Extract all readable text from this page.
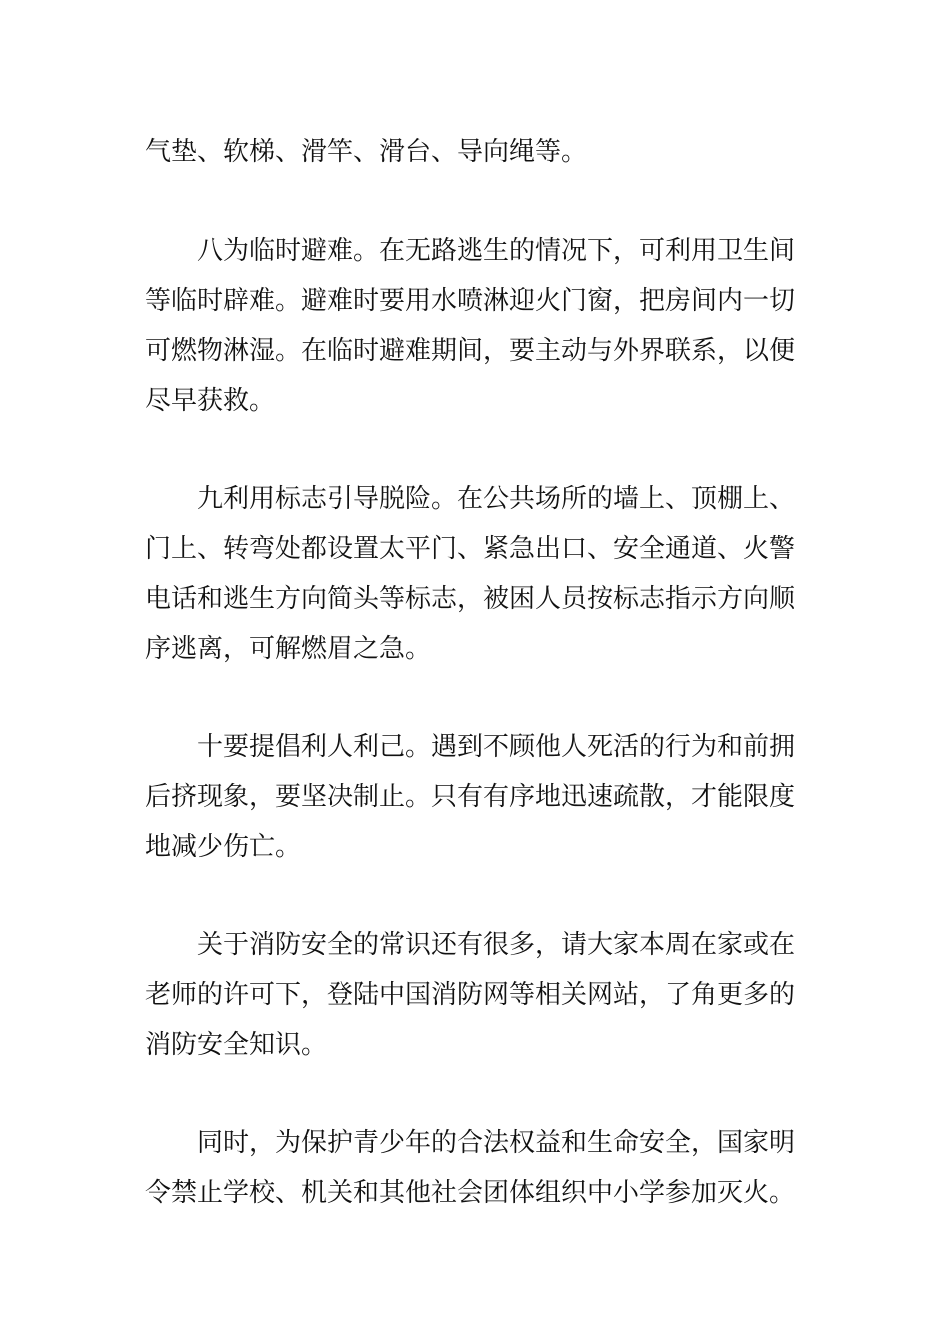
气垫、软梯、滑竿、滑台、导向绳等。

八为临时避难。在无路逃生的情况下，可利用卫生间
等临时辟难。避难时要用水喷淋迎火门窗，把房间内一切
可燃物淋湿。在临时避难期间，要主动与外界联系，以便
尽早获救。

九利用标志引导脱险。在公共场所的墙上、顶棚上、
门上、转弯处都设置太平门、紧急出口、安全通道、火警
电话和逃生方向简头等标志，被困人员按标志指示方向顺
序逃离，可解燃眉之急。

十要提倡利人利己。遇到不顾他人死活的行为和前拥
后挤现象，要坚决制止。只有有序地迅速疏散，才能限度
地减少伤亡。

关于消防安全的常识还有很多，请大家本周在家或在
老师的许可下，登陆中国消防网等相关网站，了角更多的
消防安全知识。

同时，为保护青少年的合法权益和生命安全，国家明
令禁止学校、机关和其他社会团体组织中小学参加灭火。
